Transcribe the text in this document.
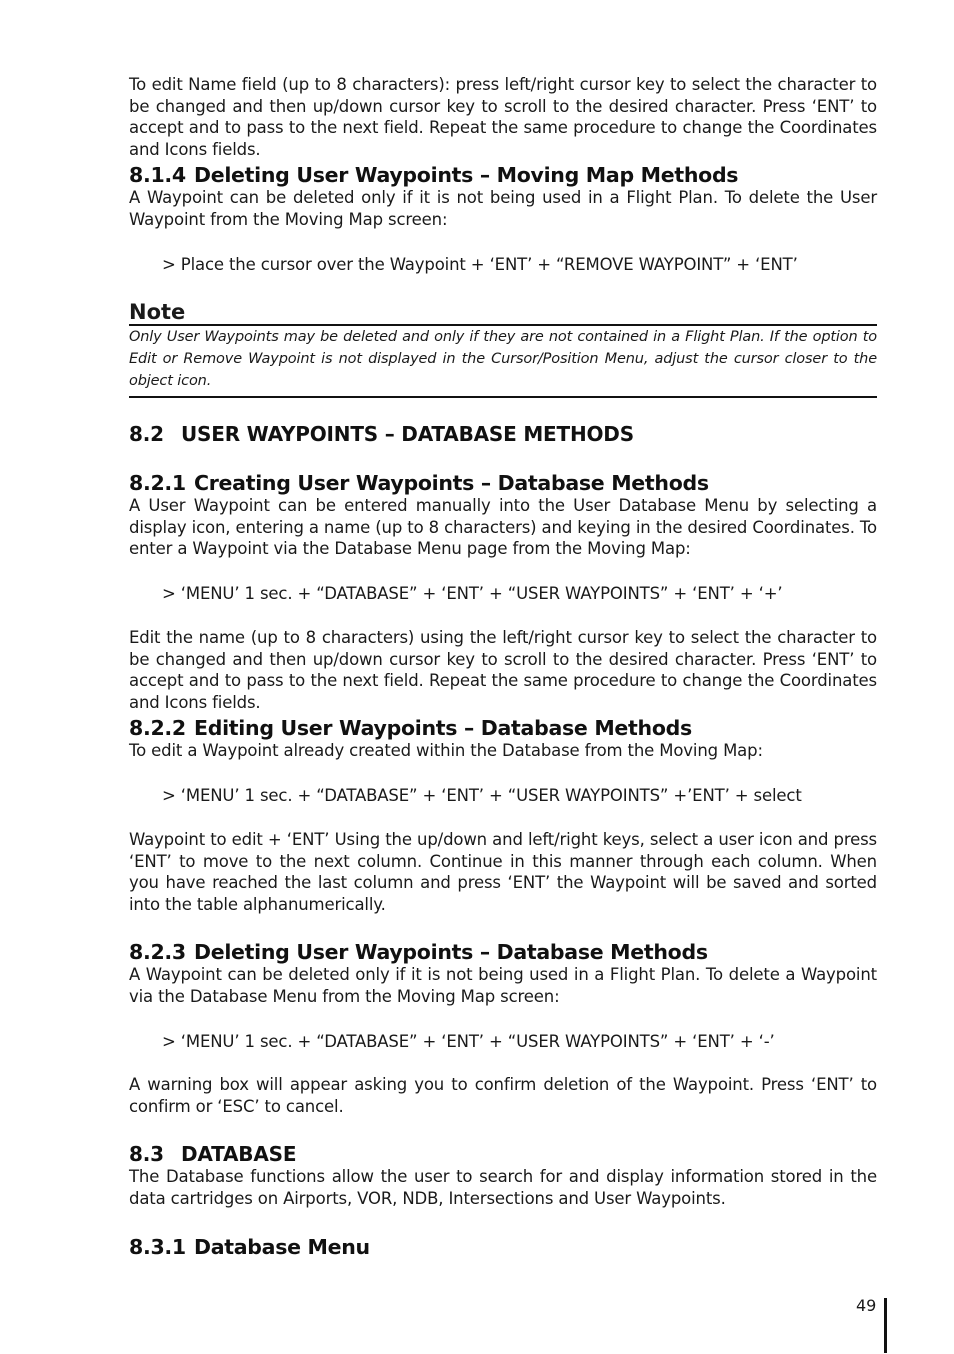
To edit Name field (up to 8 characters): press left/right cursor key to select the character to be changed and then up/down cursor key to scroll to the desired character. Press ‘ENT’ to accept and to pass to the next field. Repeat the same procedure to change the Coordinates and Icons fields.

8.1.4 Deleting User Waypoints – Moving Map Methods

A Waypoint can be deleted only if it is not being used in a Flight Plan. To delete the User Waypoint from the Moving Map screen:

> Place the cursor over the Waypoint + ‘ENT’ + “REMOVE WAYPOINT” + ‘ENT’

Note

Only User Waypoints may be deleted and only if they are not contained in a Flight Plan. If the option to Edit or Remove Waypoint is not displayed in the Cursor/Position Menu, adjust the cursor closer to the object icon.

8.2 USER WAYPOINTS – DATABASE METHODS
8.2.1 Creating User Waypoints – Database Methods

A User Waypoint can be entered manually into the User Database Menu by selecting a display icon, entering a name (up to 8 characters) and keying in the desired Coordinates. To enter a Waypoint via the Database Menu page from the Moving Map:

> ‘MENU’ 1 sec. + “DATABASE” + ‘ENT’ + “USER WAYPOINTS” + ‘ENT’ + ‘+’

Edit the name (up to 8 characters) using the left/right cursor key to select the character to be changed and then up/down cursor key to scroll to the desired character. Press ‘ENT’ to accept and to pass to the next field. Repeat the same procedure to change the Coordinates and Icons fields.

8.2.2 Editing User Waypoints – Database Methods

To edit a Waypoint already created within the Database from the Moving Map:

> ‘MENU’ 1 sec. + “DATABASE” + ‘ENT’ + “USER WAYPOINTS” +’ENT’ + select

Waypoint to edit + ‘ENT’ Using the up/down and left/right keys, select a user icon and press ‘ENT’ to move to the next column. Continue in this manner through each column. When you have reached the last column and press ‘ENT’ the Waypoint will be saved and sorted into the table alphanumerically.

8.2.3 Deleting User Waypoints – Database Methods

A Waypoint can be deleted only if it is not being used in a Flight Plan. To delete a Waypoint via the Database Menu from the Moving Map screen:

> ‘MENU’ 1 sec. + “DATABASE” + ‘ENT’ + “USER WAYPOINTS” + ‘ENT’ + ‘-’

A warning box will appear asking you to confirm deletion of the Waypoint. Press ‘ENT’ to confirm or ‘ESC’ to cancel.

8.3 DATABASE

The Database functions allow the user to search for and display information stored in the data cartridges on Airports, VOR, NDB, Intersections and User Waypoints.

8.3.1 Database Menu
49
